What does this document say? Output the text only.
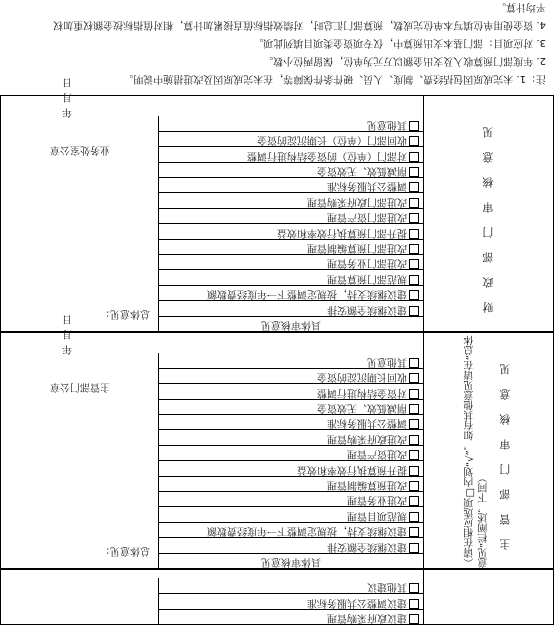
建议政府采购管理
建议调整公共服务标准
其他建议
主管部门审核意见
（请在相应选项□内划“√”，如有其他意见请在“总体意见”栏阐述，下同）
具体审核意见
建议继续全额安排
建议继续支持，按规定调整下一年度经费数额
规范项目管理
改进业务管理
改进预算编制管理
提升预算执行效率和效益
改进资产管理
改进政府采购管理
调整公共服务标准
削减低效、无效资金
对资金结构进行调整
收回长期沉淀的资金
其他意见
总体意见：
主管部门公章
年 月 日
财政部门审核意见
具体审核意见
建议继续全额安排
建议继续支持，按规定调整下一年度经费数额
规范部门预算管理
改进部门业务管理
改进部门预算编制管理
提升部门预算执行效率和效益
改进部门资产管理
改进部门政府采购管理
调整公共服务标准
削减低效、无效资金
对部门（单位）的资金结构进行调整
收回部门（单位）长期沉淀的资金
其他意见
总体意见：
业务处室公章
年 月 日	注：1. 未完成原因包括经费、制度、人员、硬件条件保障等，在未完成原因及改进措施中说明。
2. 年度部门预算收入及支出金额以万元为单位，保留两位小数。
3. 对应项目：部门基本支出预算中，仅专项资金类项目填列此项。
4. 资金使用单位填写本单位完成数，预算部门汇总时，对绩效指标值直接累加计算，相对值指标按金额权重加权
平均计算。
